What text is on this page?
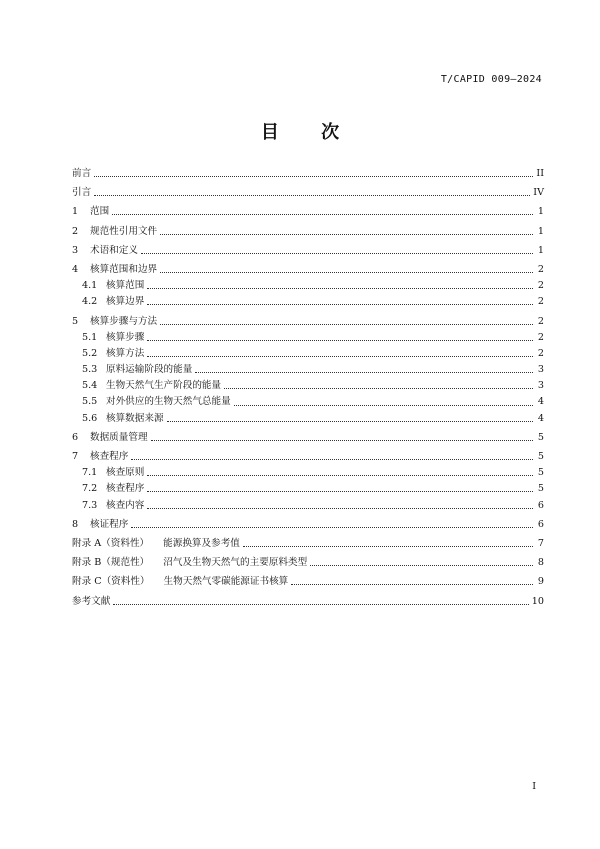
T/CAPID 009—2024
目 次
前言	II
引言	IV
1	范围	1
2	规范性引用文件	1
3	术语和定义	1
4	核算范围和边界	2
4.1 核算范围	2
4.2 核算边界	2
5	核算步骤与方法	2
5.1 核算步骤	2
5.2 核算方法	2
5.3 原料运输阶段的能量	3
5.4 生物天然气生产阶段的能量	3
5.5 对外供应的生物天然气总能量	4
5.6 核算数据来源	4
6	数据质量管理	5
7	核查程序	5
7.1 核查原则	5
7.2 核查程序	5
7.3 核查内容	6
8	核证程序	6
附录 A（资料性） 能源换算及参考值	7
附录 B（规范性） 沼气及生物天然气的主要原料类型	8
附录 C（资料性） 生物天然气零碳能源证书核算	9
参考文献	10
I
